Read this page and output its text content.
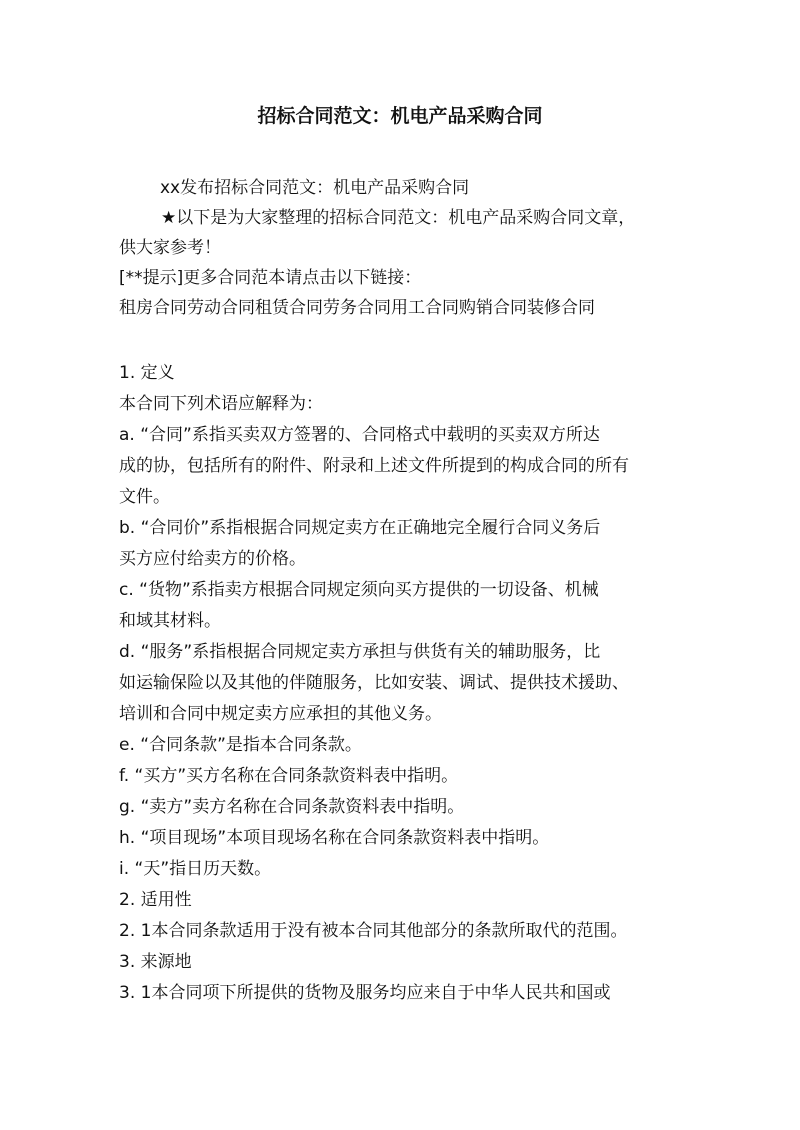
招标合同范文：机电产品采购合同
xx发布招标合同范文：机电产品采购合同
★以下是为大家整理的招标合同范文：机电产品采购合同文章，
供大家参考！
[**提示]更多合同范本请点击以下链接：
租房合同劳动合同租赁合同劳务合同用工合同购销合同装修合同
1. 定义
本合同下列术语应解释为：
a. “合同”系指买卖双方签署的、合同格式中载明的买卖双方所达
成的协，包括所有的附件、附录和上述文件所提到的构成合同的所有
文件。
b. “合同价”系指根据合同规定卖方在正确地完全履行合同义务后
买方应付给卖方的价格。
c. “货物”系指卖方根据合同规定须向买方提供的一切设备、机械
和域其材料。
d. “服务”系指根据合同规定卖方承担与供货有关的辅助服务，比
如运输保险以及其他的伴随服务，比如安装、调试、提供技术援助、
培训和合同中规定卖方应承担的其他义务。
e. “合同条款”是指本合同条款。
f. “买方”买方名称在合同条款资料表中指明。
g. “卖方”卖方名称在合同条款资料表中指明。
h. “项目现场”本项目现场名称在合同条款资料表中指明。
i. “天”指日历天数。
2. 适用性
2. 1本合同条款适用于没有被本合同其他部分的条款所取代的范围。
3. 来源地
3. 1本合同项下所提供的货物及服务均应来自于中华人民共和国或
